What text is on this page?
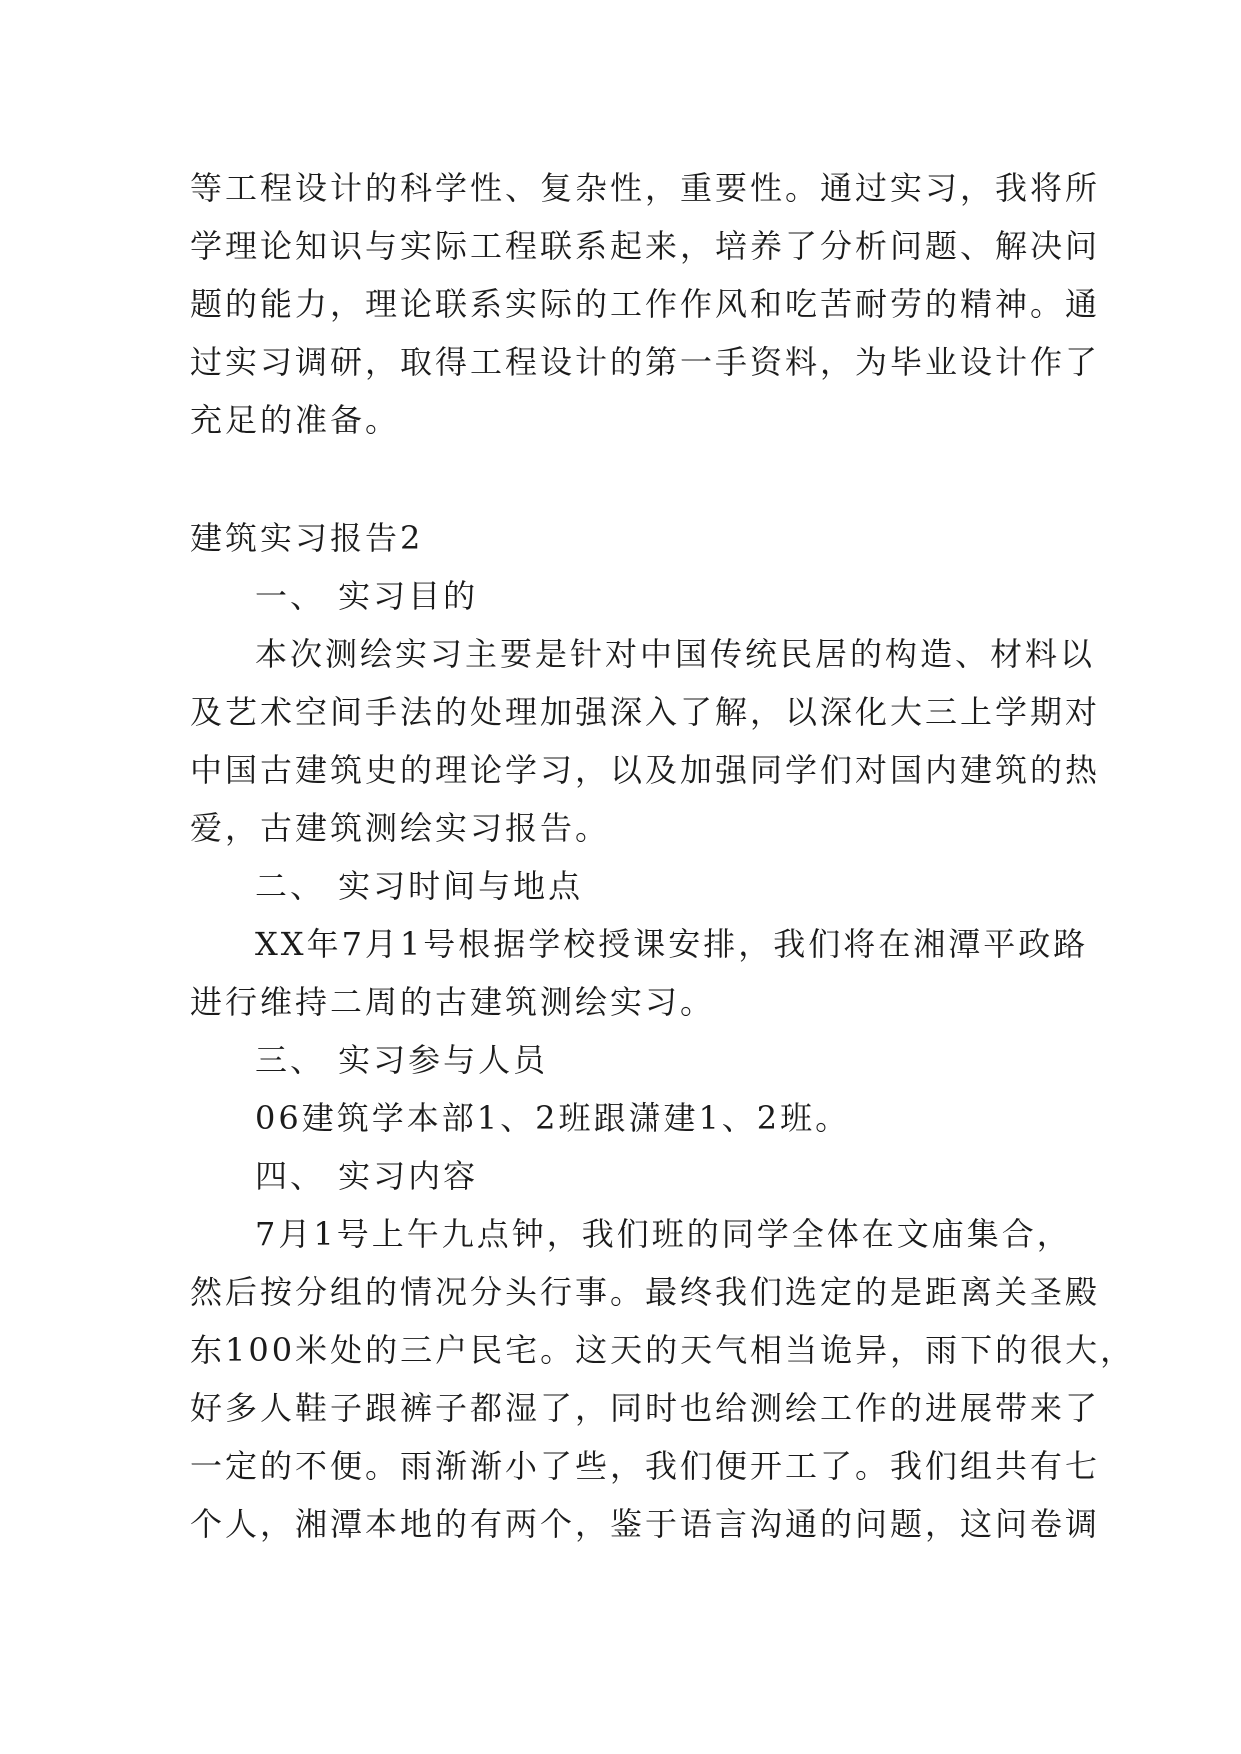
等工程设计的科学性、复杂性，重要性。通过实习，我将所
学理论知识与实际工程联系起来，培养了分析问题、解决问
题的能力，理论联系实际的工作作风和吃苦耐劳的精神。通
过实习调研，取得工程设计的第一手资料，为毕业设计作了
充足的准备。
建筑实习报告2
一、 实习目的
本次测绘实习主要是针对中国传统民居的构造、材料以
及艺术空间手法的处理加强深入了解，以深化大三上学期对
中国古建筑史的理论学习，以及加强同学们对国内建筑的热
爱，古建筑测绘实习报告。
二、 实习时间与地点
XX年7月1号根据学校授课安排，我们将在湘潭平政路
进行维持二周的古建筑测绘实习。
三、 实习参与人员
06建筑学本部1、2班跟潇建1、2班。
四、 实习内容
7月1号上午九点钟，我们班的同学全体在文庙集合，
然后按分组的情况分头行事。最终我们选定的是距离关圣殿
东100米处的三户民宅。这天的天气相当诡异，雨下的很大，
好多人鞋子跟裤子都湿了，同时也给测绘工作的进展带来了
一定的不便。雨渐渐小了些，我们便开工了。我们组共有七
个人，湘潭本地的有两个，鉴于语言沟通的问题，这问卷调
